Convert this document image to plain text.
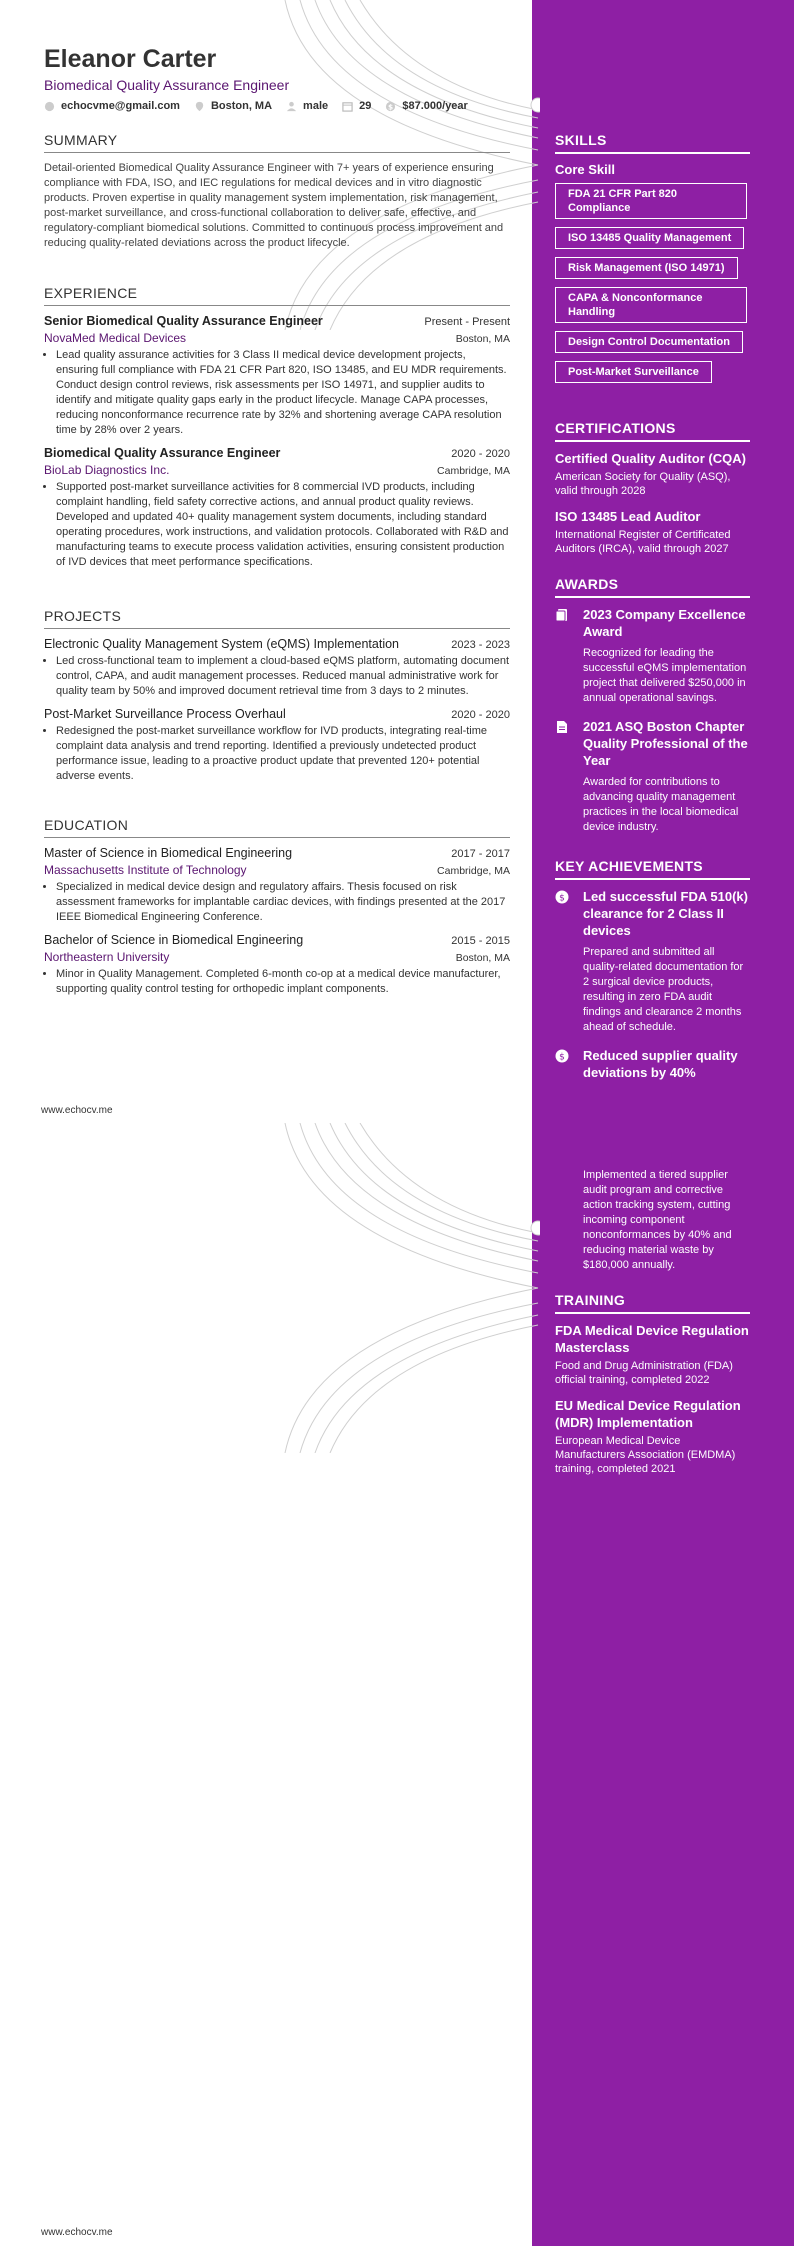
Eleanor Carter
Biomedical Quality Assurance Engineer
echocvme@gmail.com	Boston, MA	male	29 $ $87.000/year
SUMMARY
Detail-oriented Biomedical Quality Assurance Engineer with 7+ years of experience ensuring compliance with FDA, ISO, and IEC regulations for medical devices and in vitro diagnostic products. Proven expertise in quality management system implementation, risk management, post-market surveillance, and cross-functional collaboration to deliver safe, effective, and regulatory-compliant biomedical solutions. Committed to continuous process improvement and reducing quality-related deviations across the product lifecycle.
EXPERIENCE
Senior Biomedical Quality Assurance Engineer	Present - Present
NovaMed Medical Devices	Boston, MA
• Lead quality assurance activities for 3 Class II medical device development projects, ensuring full compliance with FDA 21 CFR Part 820, ISO 13485, and EU MDR requirements. Conduct design control reviews, risk assessments per ISO 14971, and supplier audits to identify and mitigate quality gaps early in the product lifecycle. Manage CAPA processes, reducing nonconformance recurrence rate by 32% and shortening average CAPA resolution time by 28% over 2 years.
Biomedical Quality Assurance Engineer	2020 - 2020
BioLab Diagnostics Inc.	Cambridge, MA
• Supported post-market surveillance activities for 8 commercial IVD products, including complaint handling, field safety corrective actions, and annual product quality reviews. Developed and updated 40+ quality management system documents, including standard operating procedures, work instructions, and validation protocols. Collaborated with R&D and manufacturing teams to execute process validation activities, ensuring consistent production of IVD devices that meet performance specifications.
PROJECTS
Electronic Quality Management System (eQMS) Implementation	2023 - 2023
• Led cross-functional team to implement a cloud-based eQMS platform, automating document control, CAPA, and audit management processes. Reduced manual administrative work for quality team by 50% and improved document retrieval time from 3 days to 2 minutes.
Post-Market Surveillance Process Overhaul	2020 - 2020
• Redesigned the post-market surveillance workflow for IVD products, integrating real-time complaint data analysis and trend reporting. Identified a previously undetected product performance issue, leading to a proactive product update that prevented 120+ potential adverse events.
EDUCATION
Master of Science in Biomedical Engineering	2017 - 2017
Massachusetts Institute of Technology	Cambridge, MA
• Specialized in medical device design and regulatory affairs. Thesis focused on risk assessment frameworks for implantable cardiac devices, with findings presented at the 2017 IEEE Biomedical Engineering Conference.
Bachelor of Science in Biomedical Engineering	2015 - 2015
Northeastern University	Boston, MA
• Minor in Quality Management. Completed 6-month co-op at a medical device manufacturer, supporting quality control testing for orthopedic implant components.
www.echocv.me
www.echocv.me
SKILLS
Core Skill
FDA 21 CFR Part 820 Compliance ISO 13485 Quality Management Risk Management (ISO 14971) CAPA & Nonconformance Handling Design Control Documentation Post-Market Surveillance
CERTIFICATIONS
Certified Quality Auditor (CQA)
American Society for Quality (ASQ), valid through 2028
ISO 13485 Lead Auditor
International Register of Certificated Auditors (IRCA), valid through 2027
AWARDS
2023 Company Excellence Award
Recognized for leading the successful eQMS implementation project that delivered $250,000 in annual operational savings.
2021 ASQ Boston Chapter Quality Professional of the Year
Awarded for contributions to advancing quality management practices in the local biomedical device industry.
KEY ACHIEVEMENTS
$ Led successful FDA 510(k) clearance for 2 Class II devices
Prepared and submitted all quality-related documentation for 2 surgical device products, resulting in zero FDA audit findings and clearance 2 months ahead of schedule.
$ Reduced supplier quality deviations by 40%
Implemented a tiered supplier audit program and corrective action tracking system, cutting incoming component nonconformances by 40% and reducing material waste by $180,000 annually.
TRAINING
FDA Medical Device Regulation Masterclass
Food and Drug Administration (FDA) official training, completed 2022
EU Medical Device Regulation (MDR) Implementation
European Medical Device Manufacturers Association (EMDMA) training, completed 2021
